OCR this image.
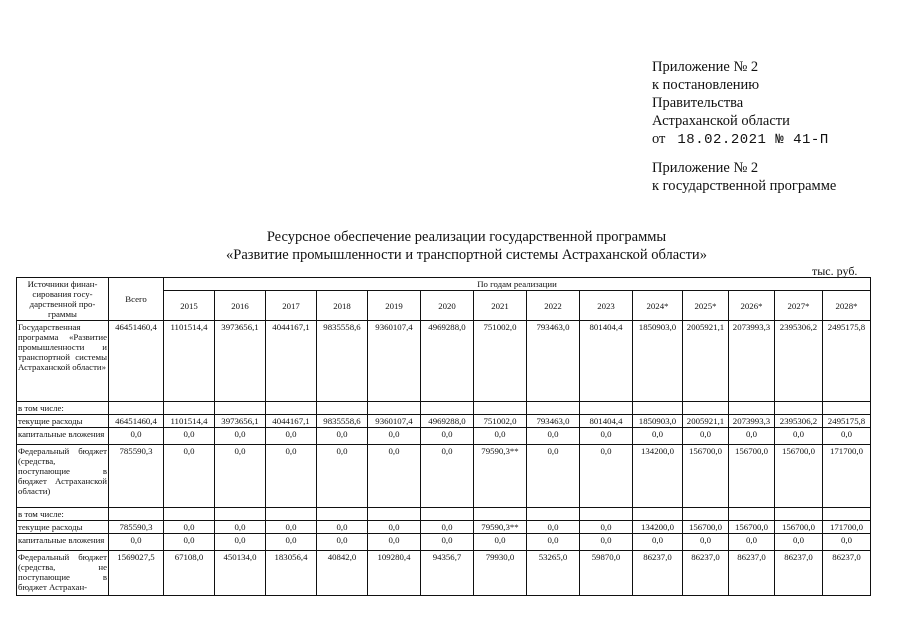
Приложение № 2
к постановлению
Правительства
Астраханской области
от 18.02.2021 № 41-П
Приложение № 2
к государственной программе
Ресурсное обеспечение реализации государственной программы
«Развитие промышленности и транспортной системы Астраханской области»
тыс. руб.
Источники финан-сирования госу-дарственной про-граммы	Всего	По годам реализации													
		2015	2016	2017	2018	2019	2020	2021	2022	2023	2024*	2025*	2026*	2027*	2028*
Государственная программа «Развитие промышленности и транспортной системы Астраханской области»	46451460,4	1101514,4	3973656,1	4044167,1	9835558,6	9360107,4	4969288,0	751002,0	793463,0	801404,4	1850903,0	2005921,1	2073993,3	2395306,2	2495175,8
в том числе:															
текущие расходы	46451460,4	1101514,4	3973656,1	4044167,1	9835558,6	9360107,4	4969288,0	751002,0	793463,0	801404,4	1850903,0	2005921,1	2073993,3	2395306,2	2495175,8
капитальные вложения	0,0	0,0	0,0	0,0	0,0	0,0	0,0	0,0	0,0	0,0	0,0	0,0	0,0	0,0	0,0
Федеральный бюджет (средства, поступающие в бюджет Астраханской области)	785590,3	0,0	0,0	0,0	0,0	0,0	0,0	79590,3**	0,0	0,0	134200,0	156700,0	156700,0	156700,0	171700,0
в том числе:															
текущие расходы	785590,3	0,0	0,0	0,0	0,0	0,0	0,0	79590,3**	0,0	0,0	134200,0	156700,0	156700,0	156700,0	171700,0
капитальные вложения	0,0	0,0	0,0	0,0	0,0	0,0	0,0	0,0	0,0	0,0	0,0	0,0	0,0	0,0	0,0
Федеральный бюджет (средства, не поступающие в бюджет Астрахан-	1569027,5	67108,0	450134,0	183056,4	40842,0	109280,4	94356,7	79930,0	53265,0	59870,0	86237,0	86237,0	86237,0	86237,0	86237,0
